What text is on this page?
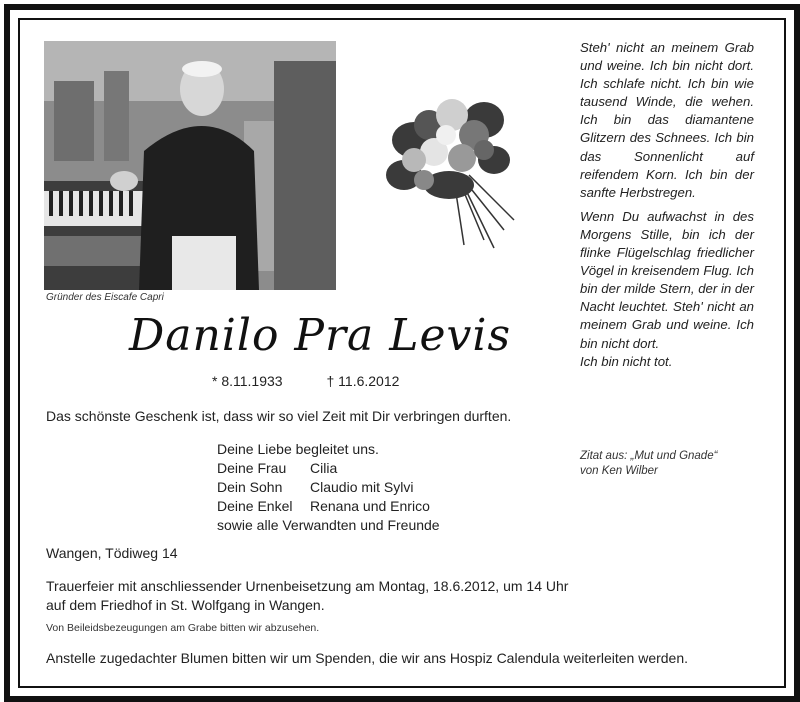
Gründer des Eiscafe Capri
Danilo Pra Levis
* 8.11.1933	† 11.6.2012
Das schönste Geschenk ist, dass wir so viel Zeit mit Dir verbringen durften.
Deine Liebe begleitet uns.
Deine Frau	Cilia
Dein Sohn	Claudio mit Sylvi
Deine Enkel	Renana und Enrico
sowie alle Verwandten und Freunde
Wangen, Tödiweg 14
Trauerfeier mit anschliessender Urnenbeisetzung am Montag, 18.6.2012, um 14 Uhr
auf dem Friedhof in St. Wolfgang in Wangen.
Von Beileidsbezeugungen am Grabe bitten wir abzusehen.
Anstelle zugedachter Blumen bitten wir um Spenden, die wir ans Hospiz Calendula weiterleiten werden.

Steh' nicht an meinem Grab und weine. Ich bin nicht dort. Ich schlafe nicht. Ich bin wie tausend Winde, die wehen. Ich bin das diamantene Glitzern des Schnees. Ich bin das Sonnenlicht auf reifendem Korn. Ich bin der sanfte Herbstregen.

Wenn Du aufwachst in des Morgens Stille, bin ich der flinke Flügelschlag friedlicher Vögel in kreisendem Flug. Ich bin der milde Stern, der in der Nacht leuchtet. Steh' nicht an meinem Grab und weine. Ich bin nicht dort.

Ich bin nicht tot.
Zitat aus: „Mut und Gnade“
von Ken Wilber
